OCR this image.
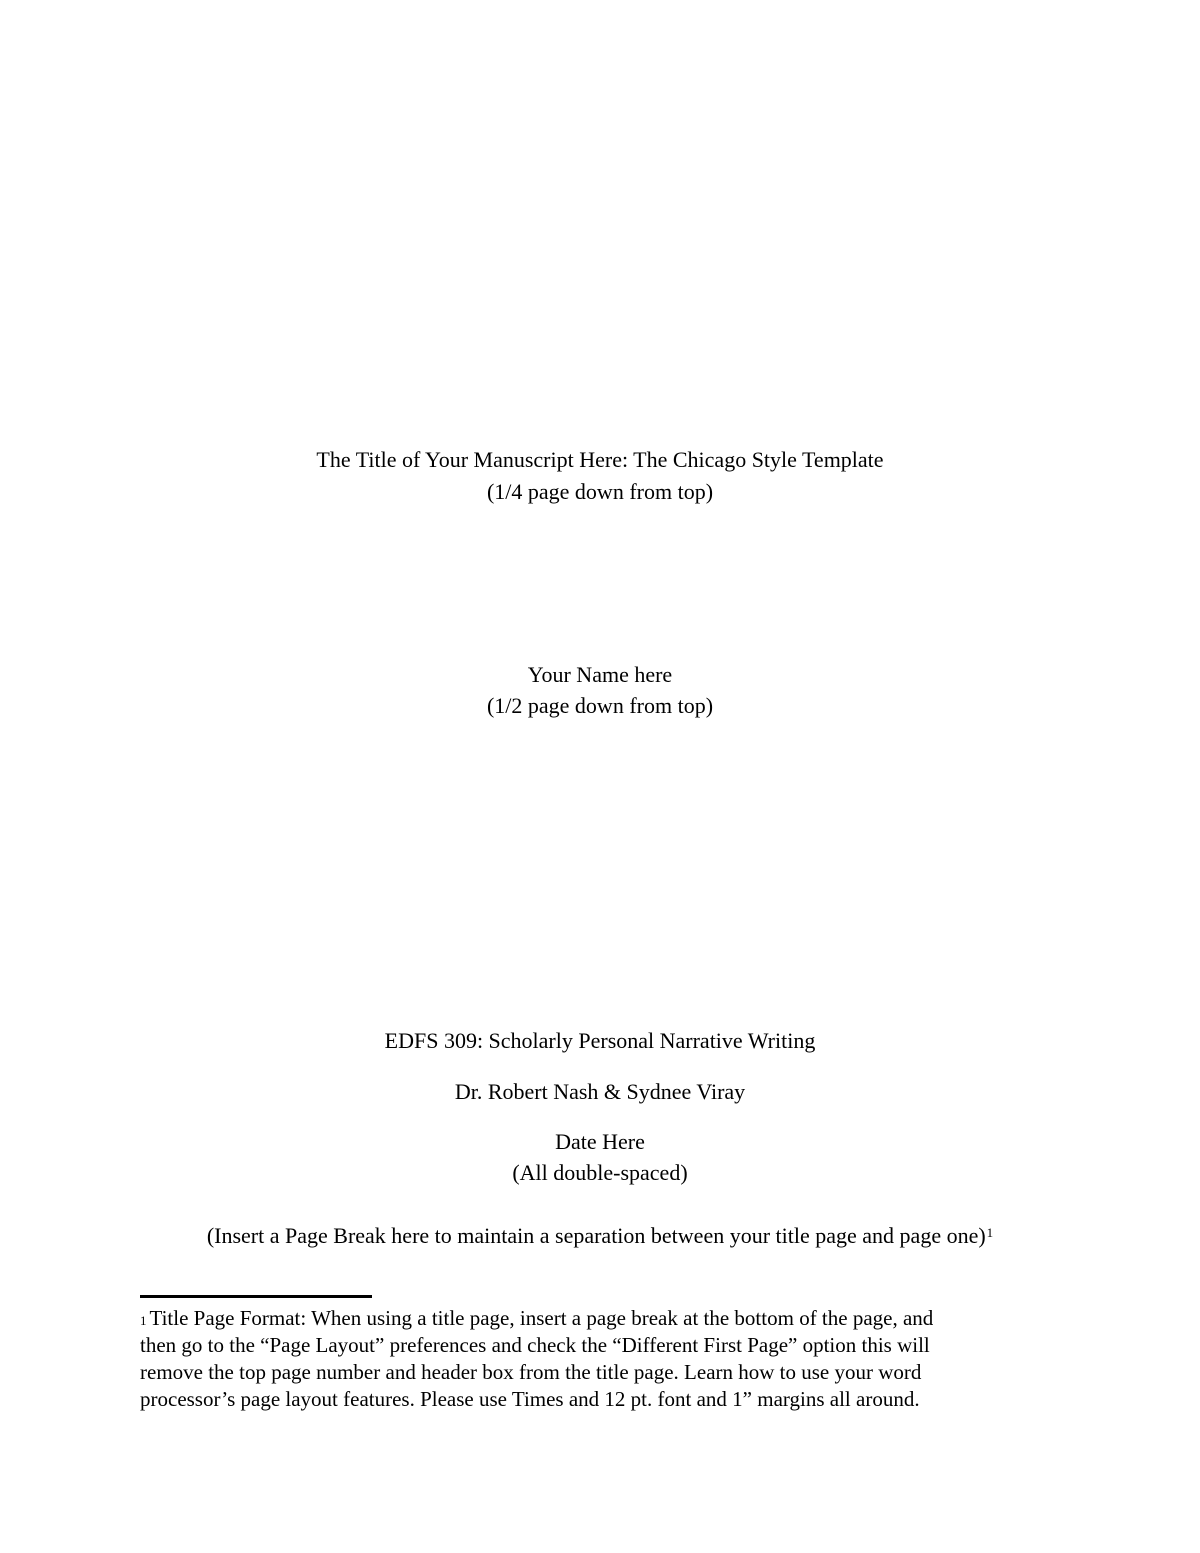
The Title of Your Manuscript Here: The Chicago Style Template
(1/4 page down from top)
Your Name here
(1/2 page down from top)
EDFS 309: Scholarly Personal Narrative Writing
Dr. Robert Nash & Sydnee Viray
Date Here
(All double-spaced)
(Insert a Page Break here to maintain a separation between your title page and page one)$^1$
$^1$ Title Page Format: When using a title page, insert a page break at the bottom of the page, and
then go to the “Page Layout” preferences and check the “Different First Page” option this will
remove the top page number and header box from the title page. Learn how to use your word
processor’s page layout features. Please use Times and 12 pt. font and 1” margins all around.
